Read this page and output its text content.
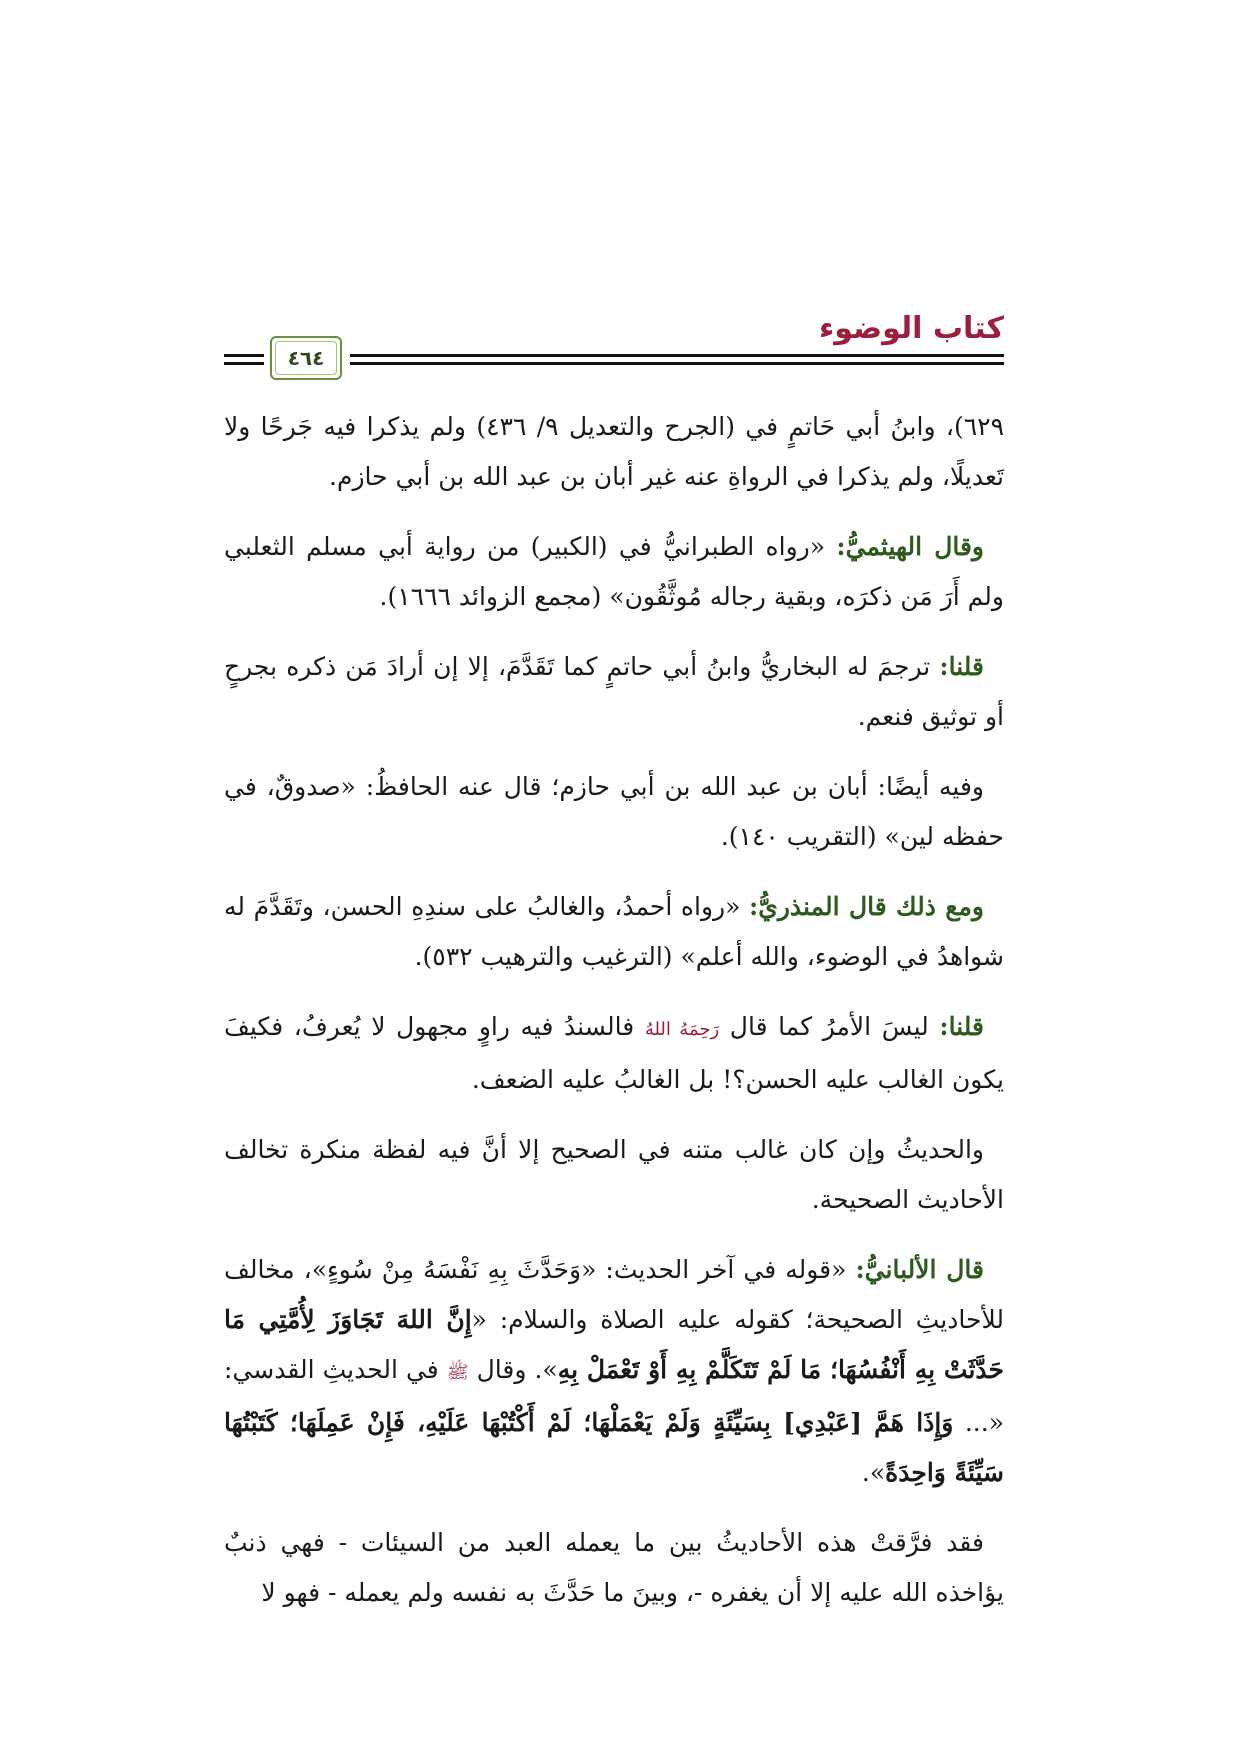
كتاب الوضوء
٤٦٤

٦٢٩)، وابنُ أبي حَاتمٍ في (الجرح والتعديل ٩/ ٤٣٦) ولم يذكرا فيه جَرحًا ولا تَعديلًا، ولم يذكرا في الرواةِ عنه غير أبان بن عبد الله بن أبي حازم.

وقال الهيثميُّ: «رواه الطبرانيُّ في (الكبير) من رواية أبي مسلم الثعلبي ولم أَرَ مَن ذكرَه، وبقية رجاله مُوثَّقُون» (مجمع الزوائد ١٦٦٦).

قلنا: ترجمَ له البخاريُّ وابنُ أبي حاتمٍ كما تَقَدَّمَ، إلا إن أرادَ مَن ذكره بجرحٍ أو توثيق فنعم.

وفيه أيضًا: أبان بن عبد الله بن أبي حازم؛ قال عنه الحافظُ: «صدوقٌ، في حفظه لين» (التقريب ١٤٠).

ومع ذلك قال المنذريُّ: «رواه أحمدُ، والغالبُ على سندِهِ الحسن، وتَقَدَّمَ له شواهدُ في الوضوء، والله أعلم» (الترغيب والترهيب ٥٣٢).

قلنا: ليسَ الأمرُ كما قال رَحِمَهُ اللهُ فالسندُ فيه راوٍ مجهول لا يُعرفُ، فكيفَ يكون الغالب عليه الحسن؟! بل الغالبُ عليه الضعف.

والحديثُ وإن كان غالب متنه في الصحيح إلا أنَّ فيه لفظة منكرة تخالف الأحاديث الصحيحة.

قال الألبانيُّ: «قوله في آخر الحديث: «وَحَدَّثَ بِهِ نَفْسَهُ مِنْ سُوءٍ»، مخالف للأحاديثِ الصحيحة؛ كقوله عليه الصلاة والسلام: «إِنَّ اللهَ تَجَاوَزَ لِأُمَّتِي مَا حَدَّثَتْ بِهِ أَنْفُسُهَا؛ مَا لَمْ تَتَكَلَّمْ بِهِ أَوْ تَعْمَلْ بِهِ». وقال ﷺ في الحديثِ القدسي: «... وَإِذَا هَمَّ [عَبْدِي] بِسَيِّئَةٍ وَلَمْ يَعْمَلْهَا؛ لَمْ أَكْتُبْهَا عَلَيْهِ، فَإِنْ عَمِلَهَا؛ كَتَبْتُهَا سَيِّئَةً وَاحِدَةً».

فقد فرَّقتْ هذه الأحاديثُ بين ما يعمله العبد من السيئات - فهي ذنبٌ يؤاخذه الله عليه إلا أن يغفره -، وبينَ ما حَدَّثَ به نفسه ولم يعمله - فهو لا
